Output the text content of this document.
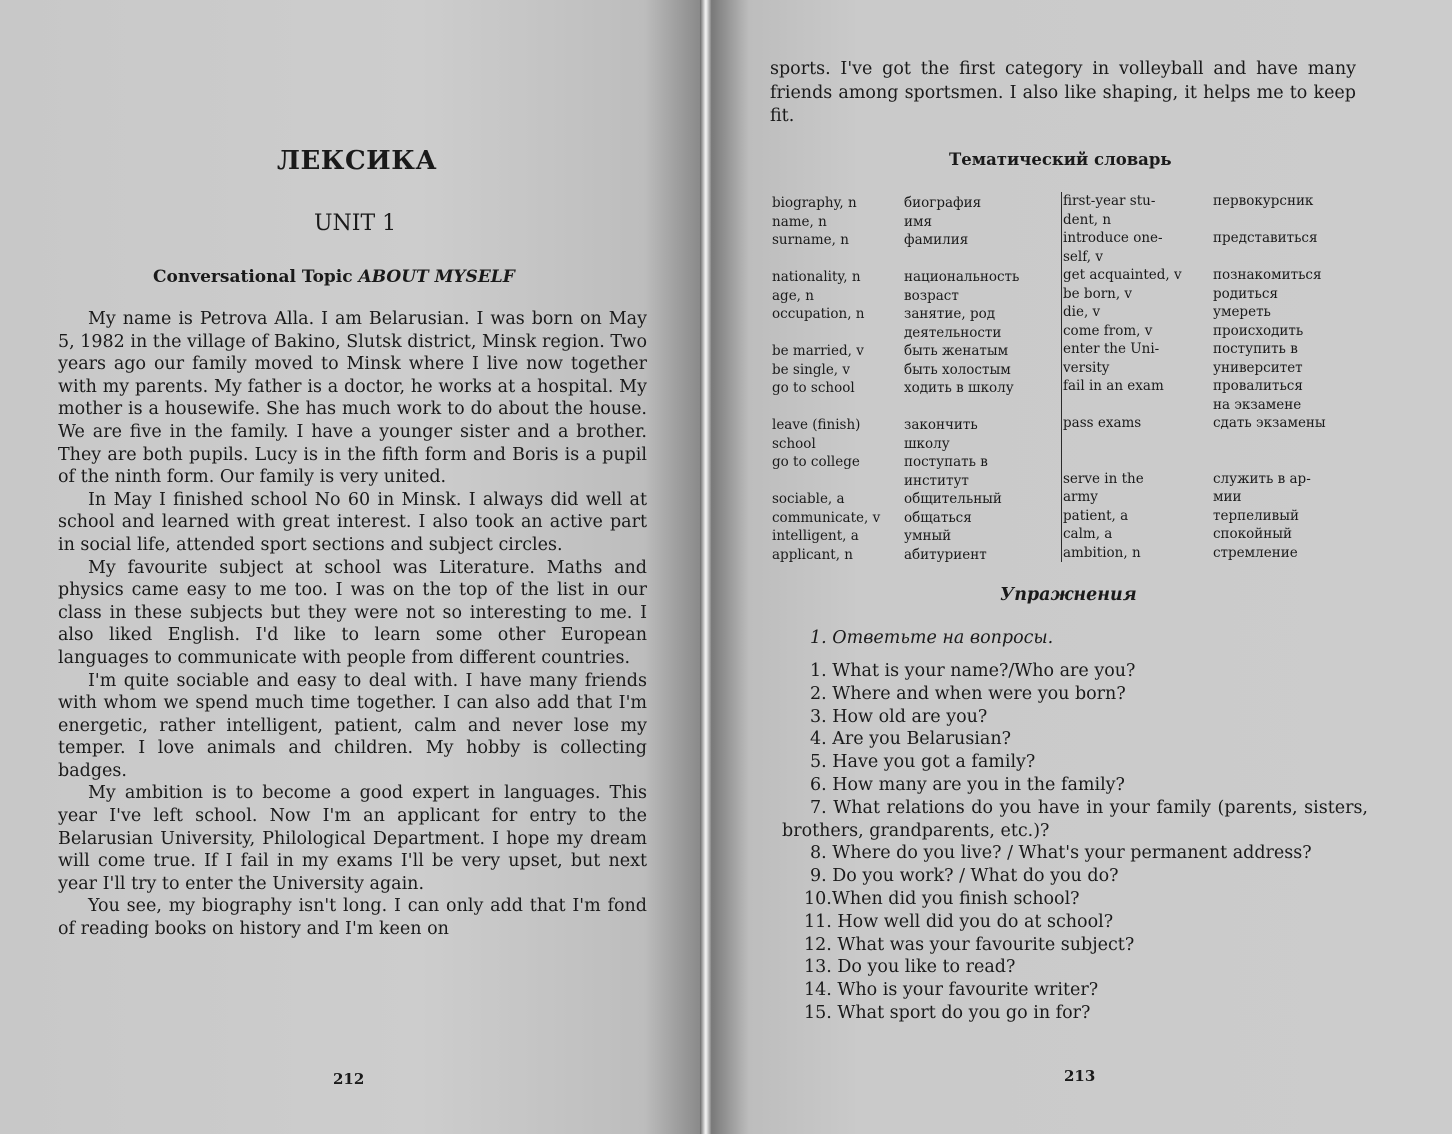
ЛЕКСИКА
UNIT 1
Conversational Topic ABOUT MYSELF

My name is Petrova Alla. I am Belarusian. I was born on May 5, 1982 in the village of Bakino, Slutsk district, Minsk region. Two years ago our family moved to Minsk where I live now together with my parents. My father is a doctor, he works at a hospital. My mother is a housewife. She has much work to do about the house. We are five in the family. I have a younger sister and a brother. They are both pupils. Lucy is in the fifth form and Boris is a pupil of the ninth form. Our family is very united.

In May I finished school No 60 in Minsk. I always did well at school and learned with great interest. I also took an active part in social life, attended sport sections and subject circles.

My favourite subject at school was Literature. Maths and physics came easy to me too. I was on the top of the list in our class in these subjects but they were not so interesting to me. I also liked English. I'd like to learn some other European languages to communicate with people from different countries.

I'm quite sociable and easy to deal with. I have many friends with whom we spend much time together. I can also add that I'm energetic, rather intelligent, patient, calm and never lose my temper. I love animals and children. My hobby is collecting badges.

My ambition is to become a good expert in languages. This year I've left school. Now I'm an applicant for entry to the Belarusian University, Philological Department. I hope my dream will come true. If I fail in my exams I'll be very upset, but next year I'll try to enter the University again.

You see, my biography isn't long. I can only add that I'm fond of reading books on history and I'm keen on

212
sports. I've got the first category in volleyball and have many friends among sportsmen. I also like shaping, it helps me to keep fit.
Тематический словарь
biography, n
name, n
surname, n

nationality, n
age, n
occupation, n

be married, v
be single, v
go to school

leave (finish)
school
go to college

sociable, a
communicate, v
intelligent, a
applicant, n
биография
имя
фамилия

национальность
возраст
занятие, род
деятельности
быть женатым
быть холостым
ходить в школу

закончить
школу
поступать в
институт
общительный
общаться
умный
абитуриент
first-year stu-
dent, n
introduce one-
self, v
get acquainted, v
be born, v
die, v
come from, v
enter the Uni-
versity
fail in an exam

pass exams

serve in the
army
patient, a
calm, a
ambition, n
первокурсник

представиться

познакомиться
родиться
умереть
происходить
поступить в
университет
провалиться
на экзамене
сдать экзамены

служить в ар-
мии
терпеливый
спокойный
стремление
Упражнения
1. Ответьте на вопросы.

1. What is your name?/Who are you?

2. Where and when were you born?

3. How old are you?

4. Are you Belarusian?

5. Have you got a family?

6. How many are you in the family?

7. What relations do you have in your family (parents, sisters, brothers, grandparents, etc.)?

8. Where do you live? / What's your permanent address?

9. Do you work? / What do you do?

10.When did you finish school?

11. How well did you do at school?

12. What was your favourite subject?

13. Do you like to read?

14. Who is your favourite writer?

15. What sport do you go in for?

213
